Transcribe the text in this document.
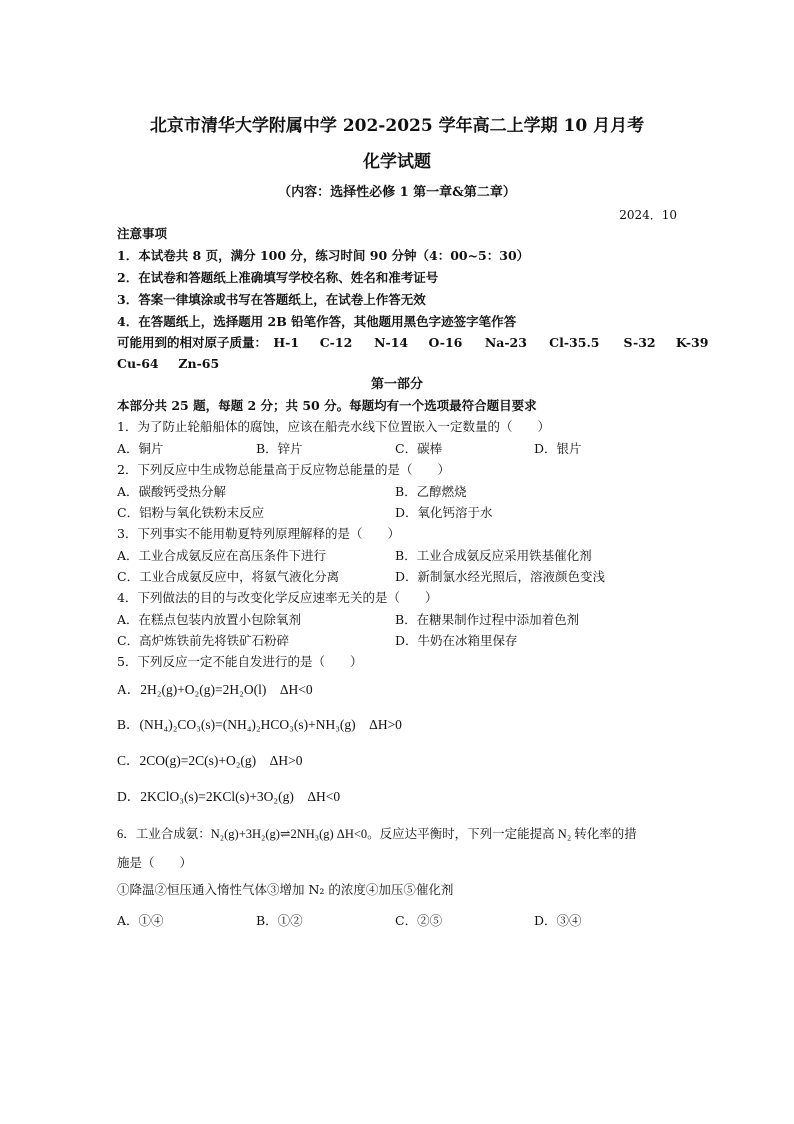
北京市清华大学附属中学 202-2025 学年高二上学期 10 月月考
化学试题
（内容：选择性必修 1 第一章&第二章）
2024．10
注意事项
1．本试卷共 8 页，满分 100 分，练习时间 90 分钟（4：00~5：30）
2．在试卷和答题纸上准确填写学校名称、姓名和准考证号
3．答案一律填涂或书写在答题纸上，在试卷上作答无效
4．在答题纸上，选择题用 2B 铅笔作答，其他题用黑色字迹签字笔作答
可能用到的相对原子质量： H-1 C-12 N-14 O-16 Na-23 Cl-35.5 S-32 K-39
Cu-64 Zn-65
第一部分
本部分共 25 题，每题 2 分；共 50 分。每题均有一个选项最符合题目要求
1．为了防止轮船船体的腐蚀，应该在船壳水线下位置嵌入一定数量的（　　）
A．铜片	B．锌片	C．碳棒	D．银片
2．下列反应中生成物总能量高于反应物总能量的是（　　）
A．碳酸钙受热分解	B．乙醇燃烧
C．铝粉与氧化铁粉末反应	D．氧化钙溶于水
3．下列事实不能用勒夏特列原理解释的是（　　）
A．工业合成氨反应在高压条件下进行	B．工业合成氨反应采用铁基催化剂
C．工业合成氨反应中，将氨气液化分离	D．新制氯水经光照后，溶液颜色变浅
4．下列做法的目的与改变化学反应速率无关的是（　　）
A．在糕点包装内放置小包除氧剂	B．在糖果制作过程中添加着色剂
C．高炉炼铁前先将铁矿石粉碎	D．牛奶在冰箱里保存
5．下列反应一定不能自发进行的是（　　）
A．2H₂(g)+O₂(g)=2H₂O(l)　ΔH<0
B．(NH₄)₂CO₃(s)=(NH₄)₂HCO₃(s)+NH₃(g)　ΔH>0
C．2CO(g)=2C(s)+O₂(g)　ΔH>0
D．2KClO₃(s)=2KCl(s)+3O₂(g)　ΔH<0
6．工业合成氨：N₂(g)+3H₂(g)⇌2NH₃(g) ΔH<0。反应达平衡时，下列一定能提高 N₂ 转化率的措
施是（　　）
①降温②恒压通入惰性气体③增加 N₂ 的浓度④加压⑤催化剂
A．①④	B．①②	C．②⑤	D．③④
